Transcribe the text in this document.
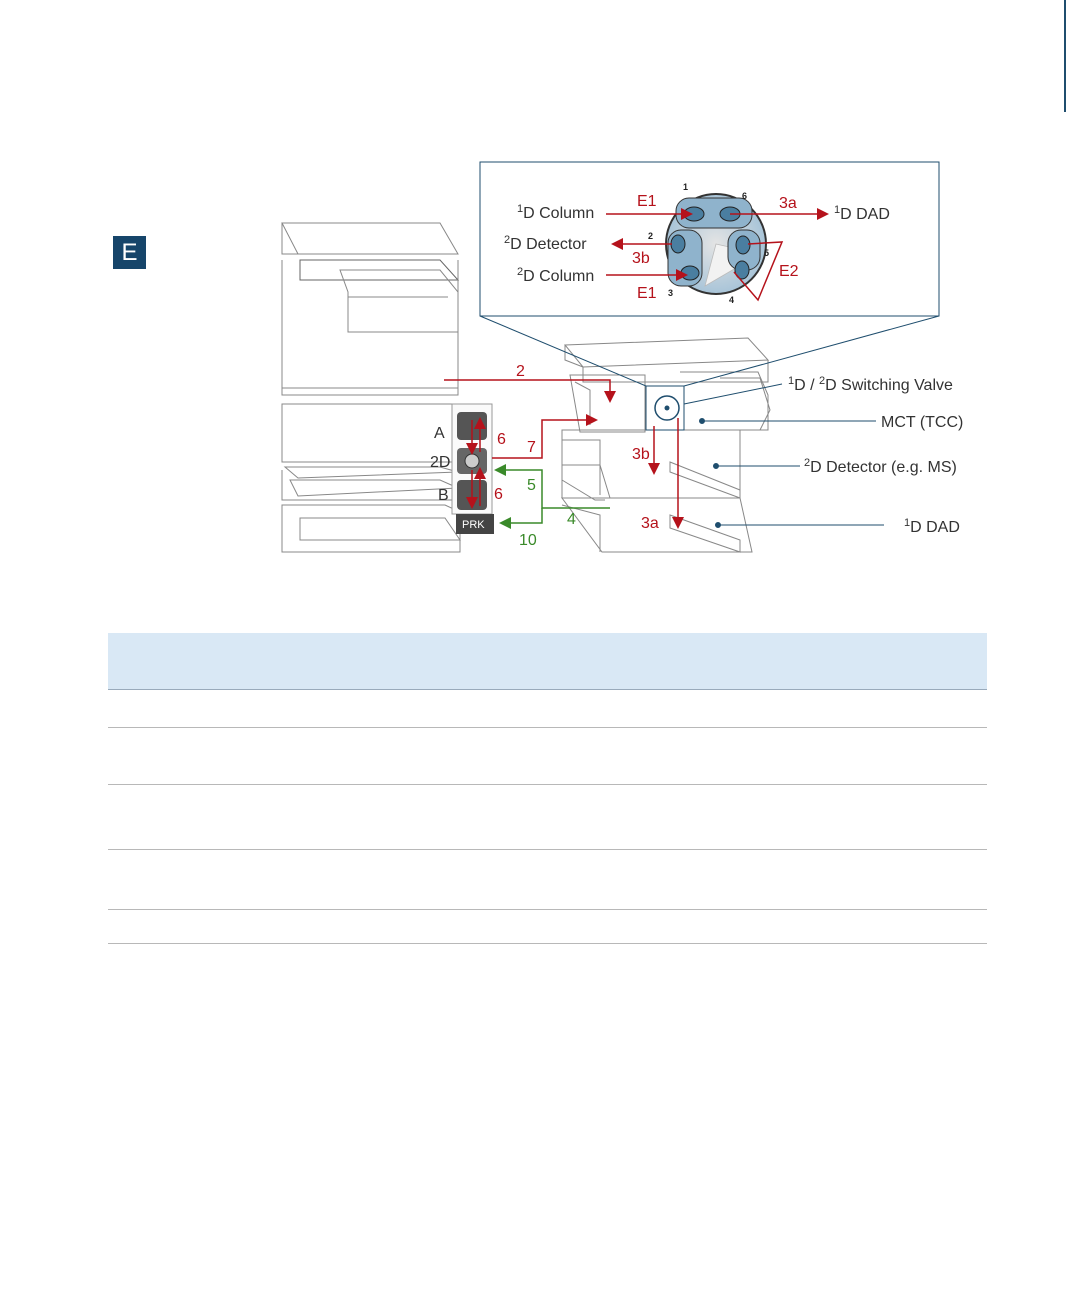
E
1
6
2
5
3
4
$^1$D Column
$^2$D Detector
$^2$D Column
$^1$D DAD
E1	3a
3b
E2
E1
$^1$D / $^2$D Switching Valve
MCT (TCC)
$^2$D Detector (e.g. MS)
$^1$D DAD
A
2D
B
PRK
2
6 7
6
5
4
10
3b
3a
